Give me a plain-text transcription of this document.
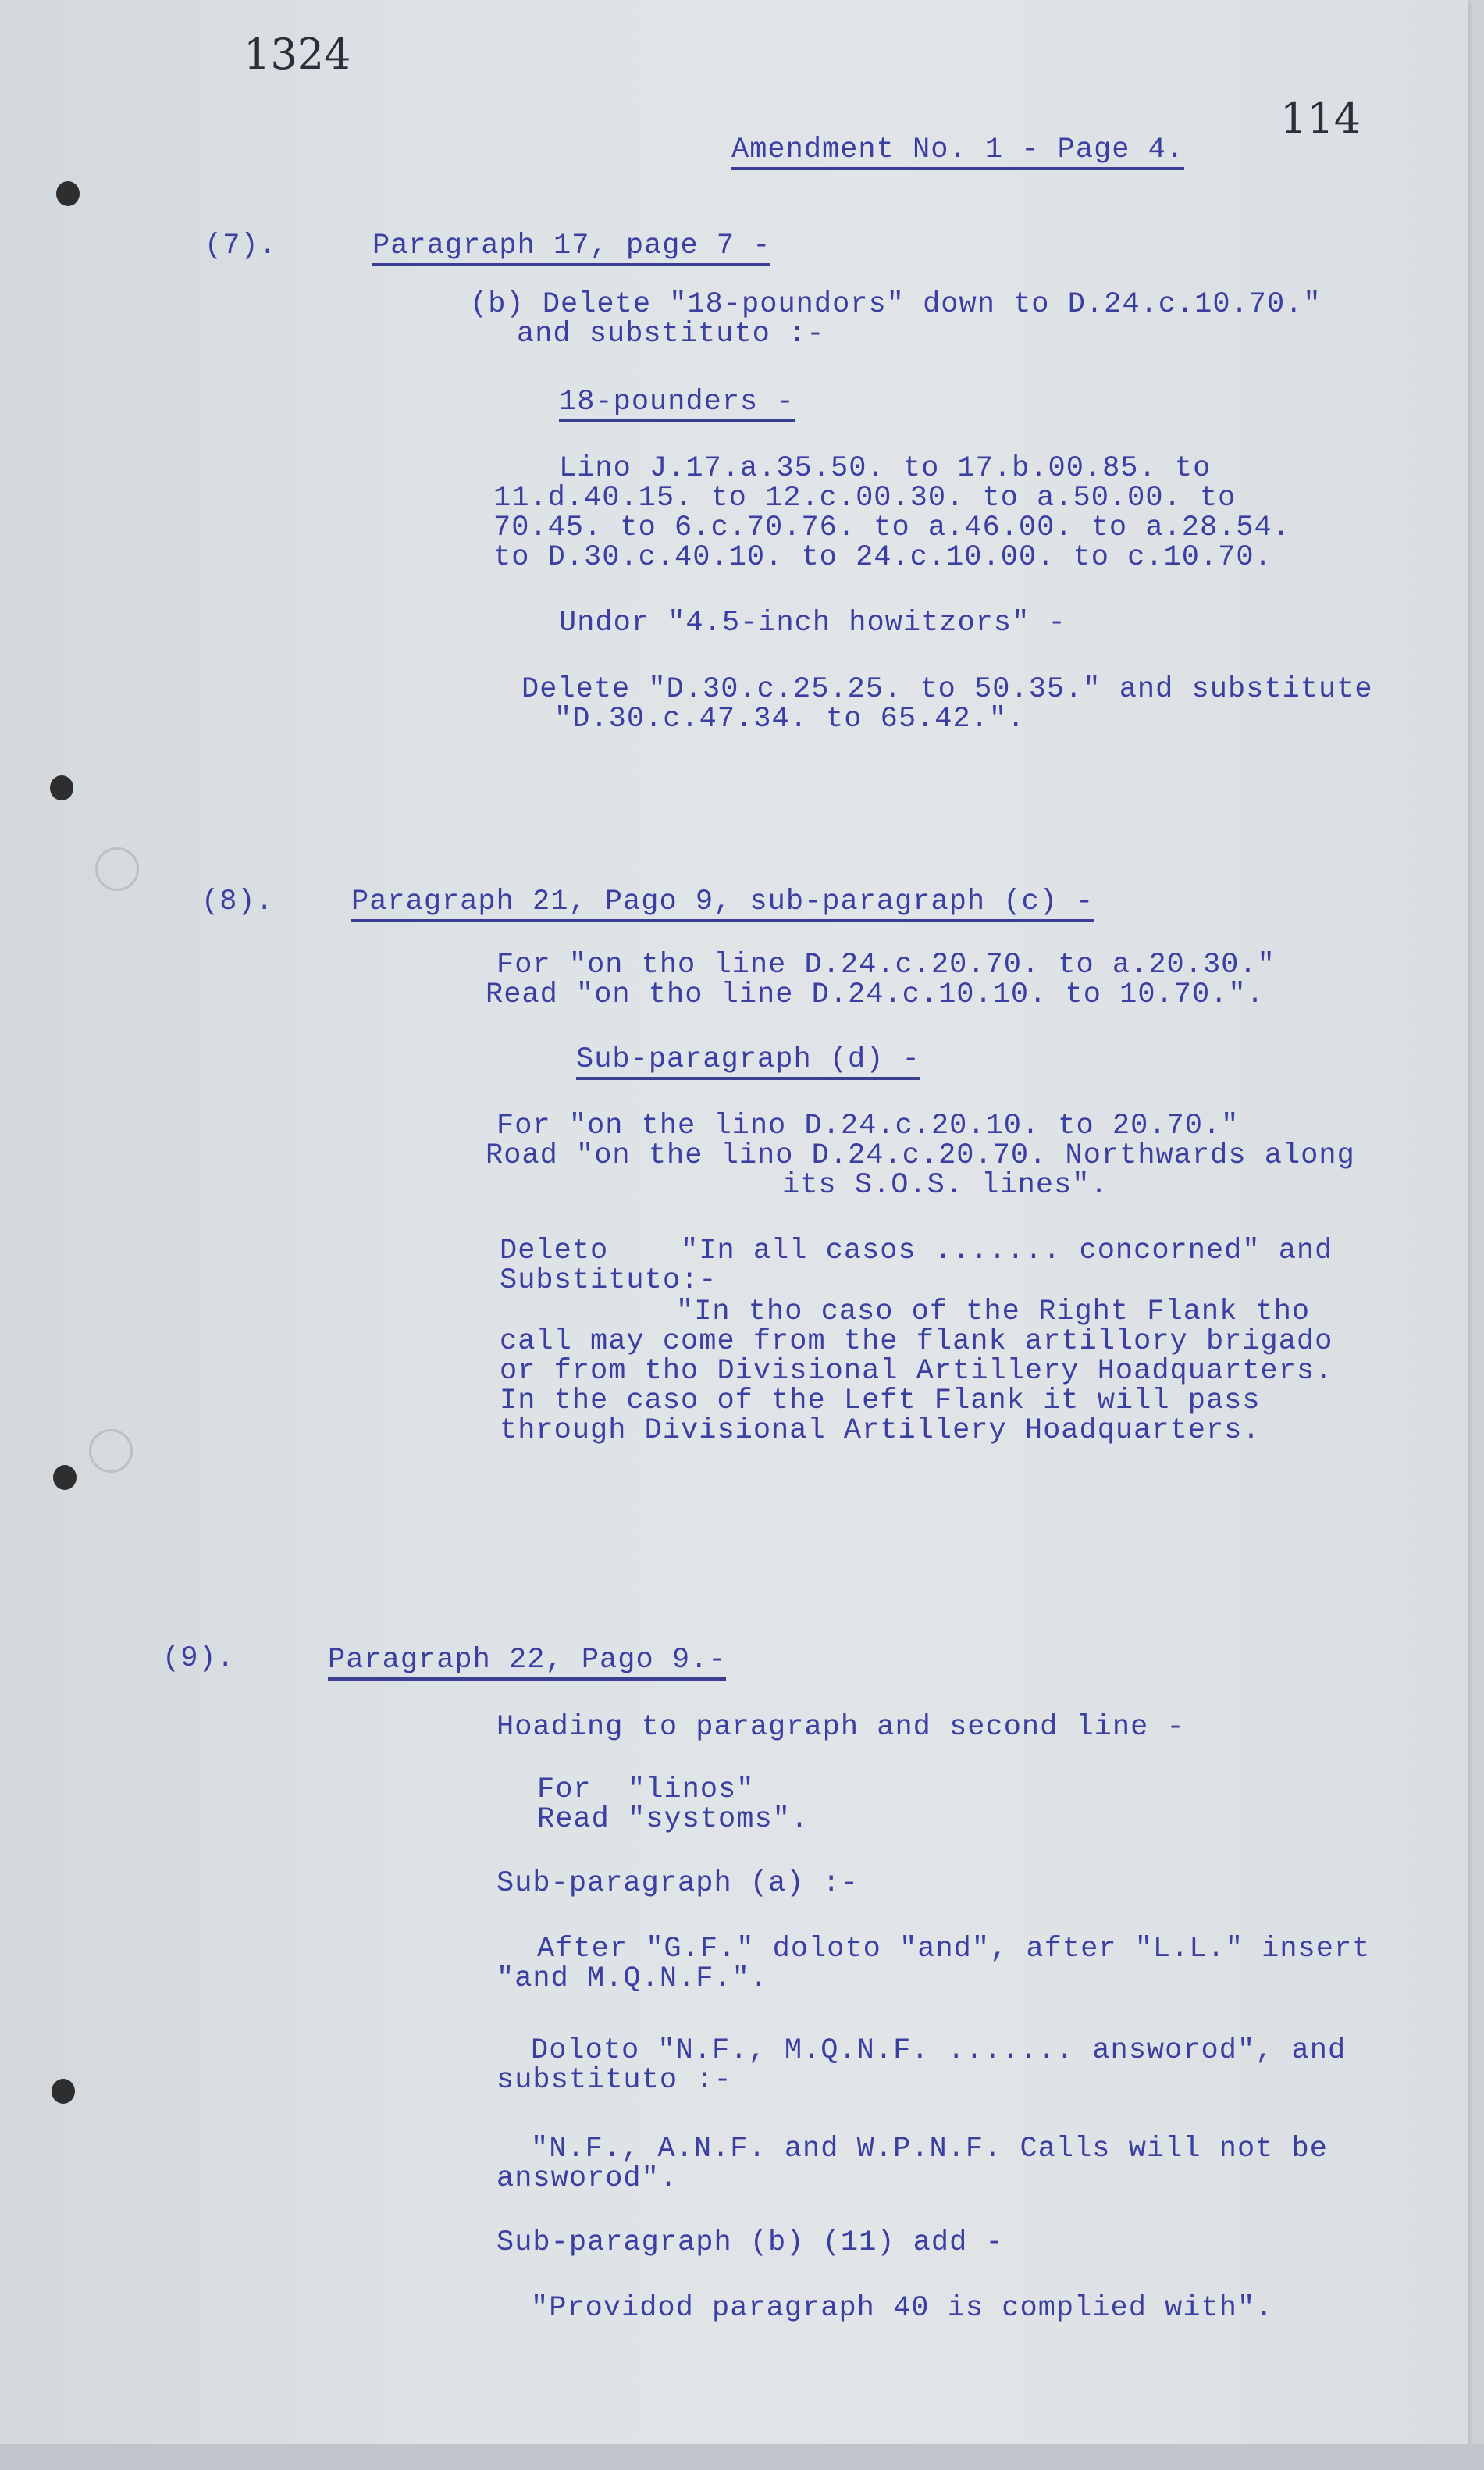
1324
114
Amendment No. 1 - Page 4.
(7).	Paragraph 17, page 7 -
(b) Delete "18-poundors" down to D.24.c.10.70."
and substituto :-
18-pounders -
Lino J.17.a.35.50. to 17.b.00.85. to
11.d.40.15. to 12.c.00.30. to a.50.00. to
70.45. to 6.c.70.76. to a.46.00. to a.28.54.
to D.30.c.40.10. to 24.c.10.00. to c.10.70.
Undor "4.5-inch howitzors" -
Delete "D.30.c.25.25. to 50.35." and substitute
"D.30.c.47.34. to 65.42.".
(8).	Paragraph 21, Pago 9, sub-paragraph (c) -
For "on tho line D.24.c.20.70. to a.20.30."
Read "on tho line D.24.c.10.10. to 10.70.".
Sub-paragraph (d) -
For "on the lino D.24.c.20.10. to 20.70."
Road "on the lino D.24.c.20.70. Northwards along
its S.O.S. lines".
Deleto    "In all casos ....... concorned" and
Substituto:-
"In tho caso of the Right Flank tho
call may come from the flank artillory brigado
or from tho Divisional Artillery Hoadquarters.
In the caso of the Left Flank it will pass
through Divisional Artillery Hoadquarters.
(9).	Paragraph 22, Pago 9.-
Hoading to paragraph and second line -
For  "linos"
Read "systoms".
Sub-paragraph (a) :-
After "G.F." doloto "and", after "L.L." insert
"and M.Q.N.F.".
Doloto "N.F., M.Q.N.F. ....... answorod", and
substituto :-
"N.F., A.N.F. and W.P.N.F. Calls will not be
answorod".
Sub-paragraph (b) (11) add -
"Providod paragraph 40 is complied with".
